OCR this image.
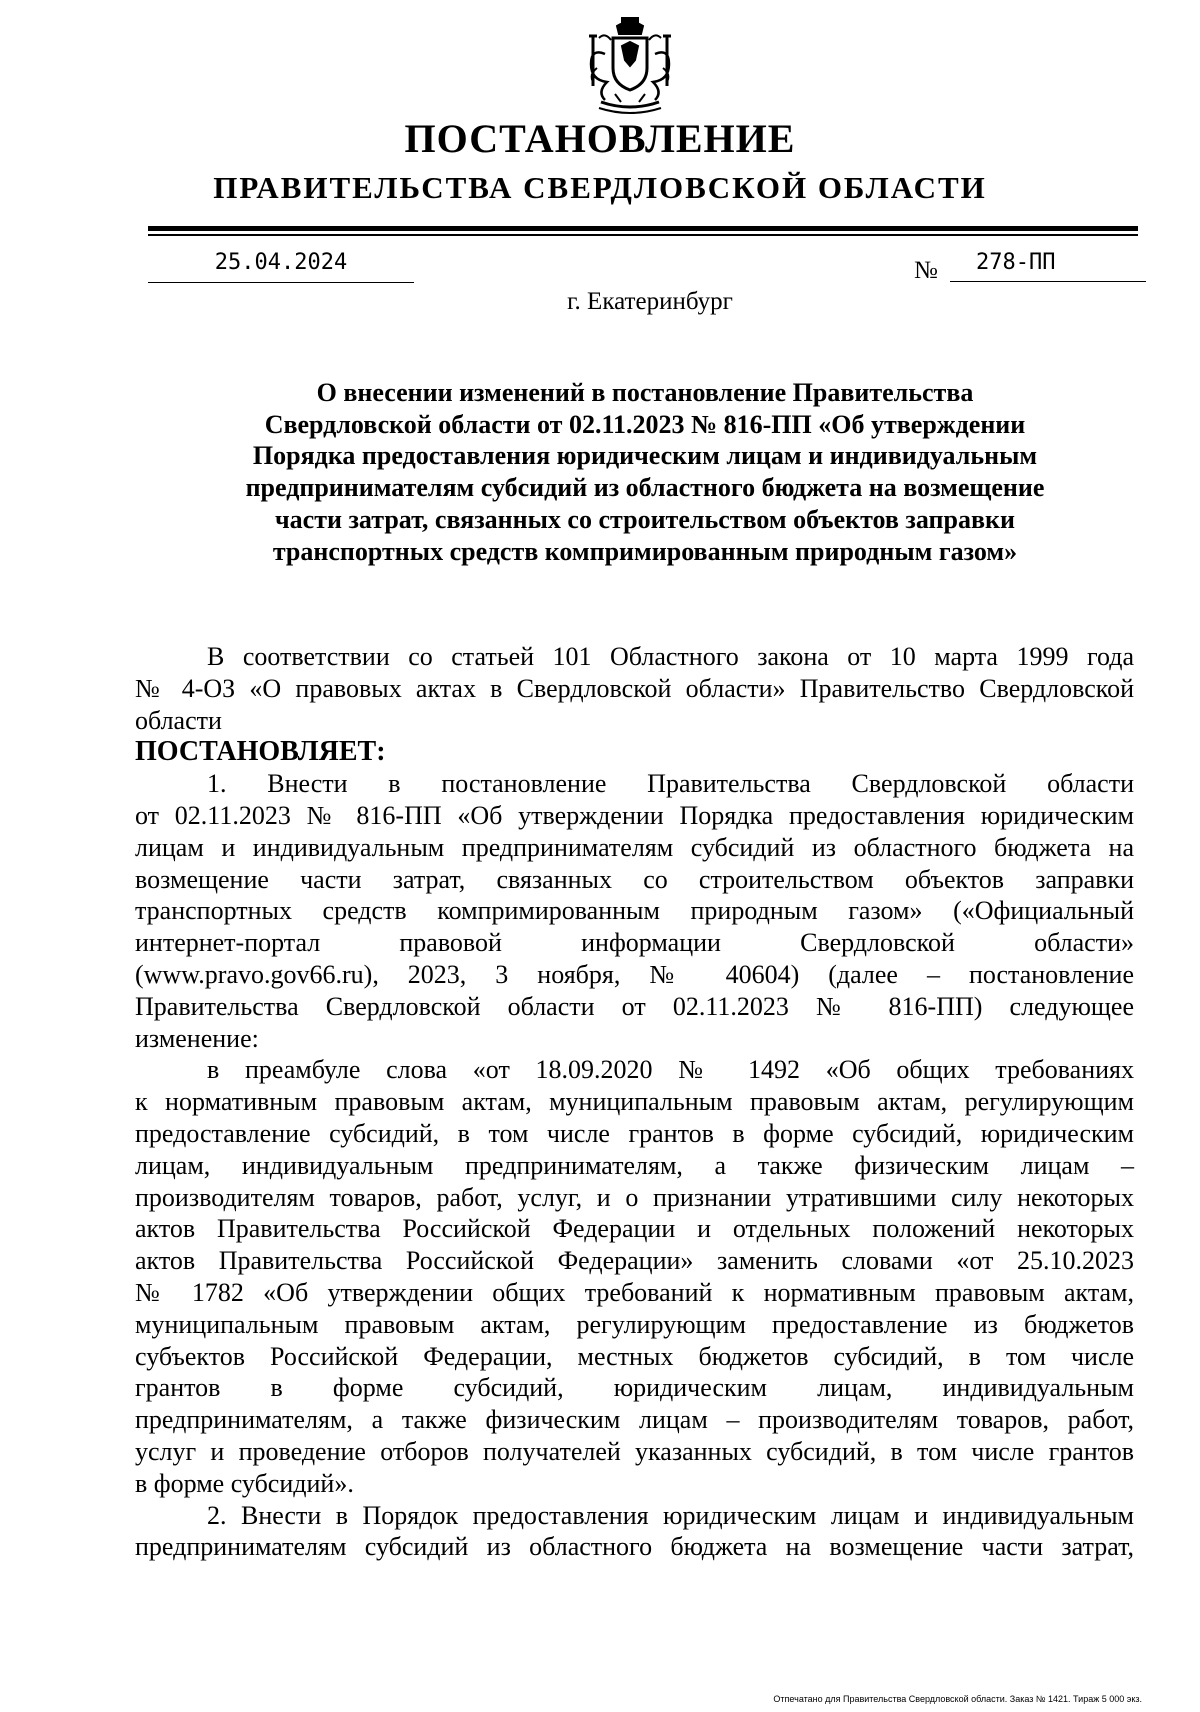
ПОСТАНОВЛЕНИЕ
ПРАВИТЕЛЬСТВА СВЕРДЛОВСКОЙ ОБЛАСТИ
25.04.2024	№	278-ПП
г. Екатеринбург
О внесении изменений в постановление Правительства
Свердловской области от 02.11.2023 № 816-ПП «Об утверждении
Порядка предоставления юридическим лицам и индивидуальным
предпринимателям субсидий из областного бюджета на возмещение
части затрат, связанных со строительством объектов заправки
транспортных средств компримированным природным газом»

В соответствии со статьей 101 Областного закона от 10 марта 1999 года

№ 4-ОЗ «О правовых актах в Свердловской области» Правительство Свердловской

области

ПОСТАНОВЛЯЕТ:

1. Внести в постановление Правительства Свердловской области

от 02.11.2023 № 816-ПП «Об утверждении Порядка предоставления юридическим

лицам и индивидуальным предпринимателям субсидий из областного бюджета на

возмещение части затрат, связанных со строительством объектов заправки

транспортных средств компримированным природным газом» («Официальный

интернет-портал правовой информации Свердловской области»

(www.pravo.gov66.ru), 2023, 3 ноября, № 40604) (далее – постановление

Правительства Свердловской области от 02.11.2023 № 816-ПП) следующее

изменение:

в преамбуле слова «от 18.09.2020 № 1492 «Об общих требованиях

к нормативным правовым актам, муниципальным правовым актам, регулирующим

предоставление субсидий, в том числе грантов в форме субсидий, юридическим

лицам, индивидуальным предпринимателям, а также физическим лицам –

производителям товаров, работ, услуг, и о признании утратившими силу некоторых

актов Правительства Российской Федерации и отдельных положений некоторых

актов Правительства Российской Федерации» заменить словами «от 25.10.2023

№ 1782 «Об утверждении общих требований к нормативным правовым актам,

муниципальным правовым актам, регулирующим предоставление из бюджетов

субъектов Российской Федерации, местных бюджетов субсидий, в том числе

грантов в форме субсидий, юридическим лицам, индивидуальным

предпринимателям, а также физическим лицам – производителям товаров, работ,

услуг и проведение отборов получателей указанных субсидий, в том числе грантов

в форме субсидий».

2. Внести в Порядок предоставления юридическим лицам и индивидуальным

предпринимателям субсидий из областного бюджета на возмещение части затрат,

Отпечатано для Правительства Свердловской области. Заказ № 1421. Тираж 5 000 экз.
